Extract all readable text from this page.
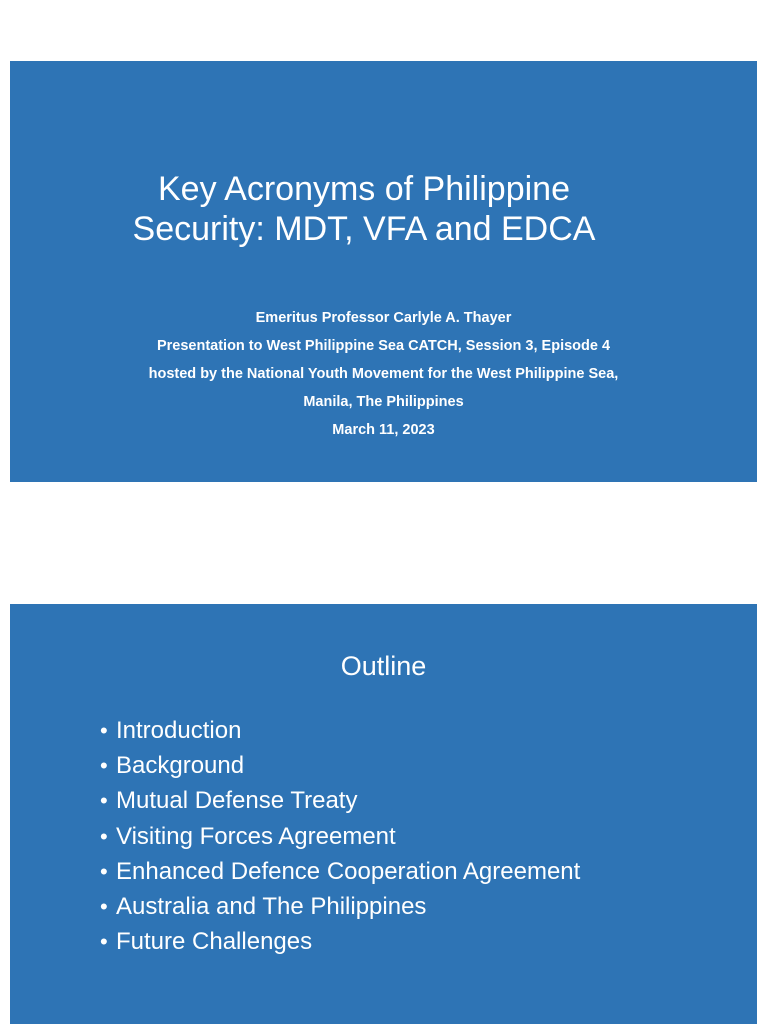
Key Acronyms of Philippine
Security: MDT, VFA and EDCA
Emeritus Professor Carlyle A. Thayer
Presentation to West Philippine Sea CATCH, Session 3, Episode 4
hosted by the National Youth Movement for the West Philippine Sea,
Manila, The Philippines
March 11, 2023
Outline
• Introduction
• Background
• Mutual Defense Treaty
• Visiting Forces Agreement
• Enhanced Defence Cooperation Agreement
• Australia and The Philippines
• Future Challenges
